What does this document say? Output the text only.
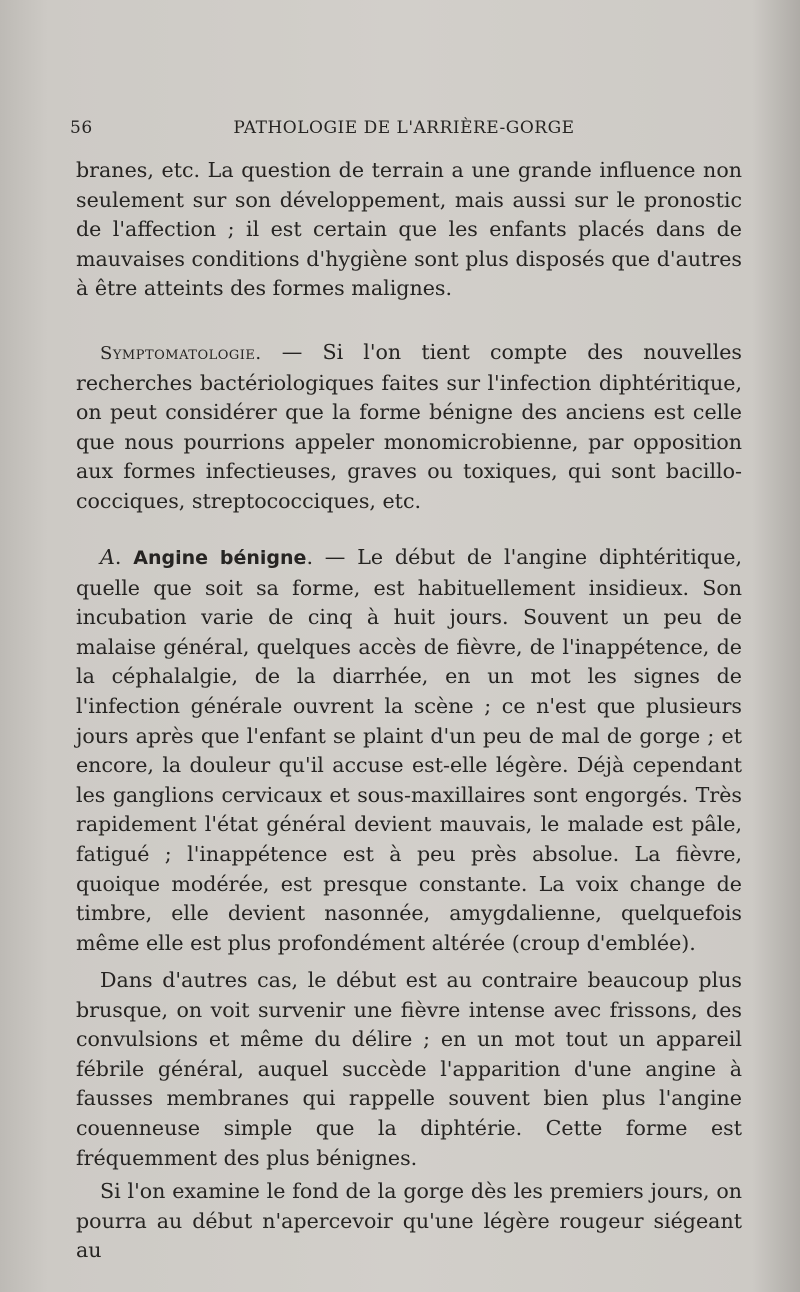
56	PATHOLOGIE DE L'ARRIÈRE-GORGE

branes, etc. La question de terrain a une grande influence non seulement sur son développement, mais aussi sur le pronostic de l'affection ; il est certain que les enfants placés dans de mauvaises conditions d'hygiène sont plus disposés que d'autres à être atteints des formes malignes.

Symptomatologie. — Si l'on tient compte des nouvelles recherches bactériologiques faites sur l'infection diphtéritique, on peut considérer que la forme bénigne des anciens est celle que nous pourrions appeler monomicrobienne, par opposition aux formes infectieuses, graves ou toxiques, qui sont bacillo-cocciques, streptococciques, etc.

A. Angine bénigne. — Le début de l'angine diphtéritique, quelle que soit sa forme, est habituellement insidieux. Son incubation varie de cinq à huit jours. Souvent un peu de malaise général, quelques accès de fièvre, de l'inappétence, de la céphalalgie, de la diarrhée, en un mot les signes de l'infection générale ouvrent la scène ; ce n'est que plusieurs jours après que l'enfant se plaint d'un peu de mal de gorge ; et encore, la douleur qu'il accuse est-elle légère. Déjà cependant les ganglions cervicaux et sous-maxillaires sont engorgés. Très rapidement l'état général devient mauvais, le malade est pâle, fatigué ; l'inappétence est à peu près absolue. La fièvre, quoique modérée, est presque constante. La voix change de timbre, elle devient nasonnée, amygdalienne, quelquefois même elle est plus profondément altérée (croup d'emblée).

Dans d'autres cas, le début est au contraire beaucoup plus brusque, on voit survenir une fièvre intense avec frissons, des convulsions et même du délire ; en un mot tout un appareil fébrile général, auquel succède l'apparition d'une angine à fausses membranes qui rappelle souvent bien plus l'angine couenneuse simple que la diphtérie. Cette forme est fréquemment des plus bénignes.

Si l'on examine le fond de la gorge dès les premiers jours, on pourra au début n'apercevoir qu'une légère rougeur siégeant au
